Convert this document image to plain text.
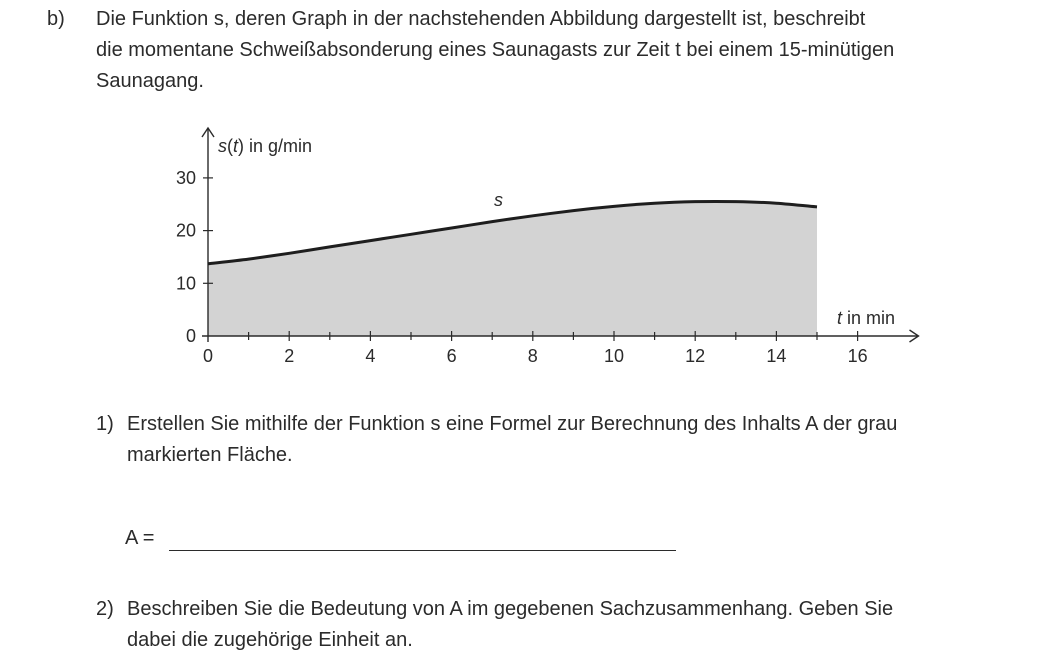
b) Die Funktion s, deren Graph in der nachstehenden Abbildung dargestellt ist, beschreibt

die momentane Schweißabsonderung eines Saunagasts zur Zeit t bei einem 15-minütigen

Saunagang.

0	2	4	6	8	10	12	14	16
0
10
20
30
s(t) in g/min
t in min
s
1) Erstellen Sie mithilfe der Funktion s eine Formel zur Berechnung des Inhalts A der grau
markierten Fläche.
A =
2) Beschreiben Sie die Bedeutung von A im gegebenen Sachzusammenhang. Geben Sie
dabei die zugehörige Einheit an.
